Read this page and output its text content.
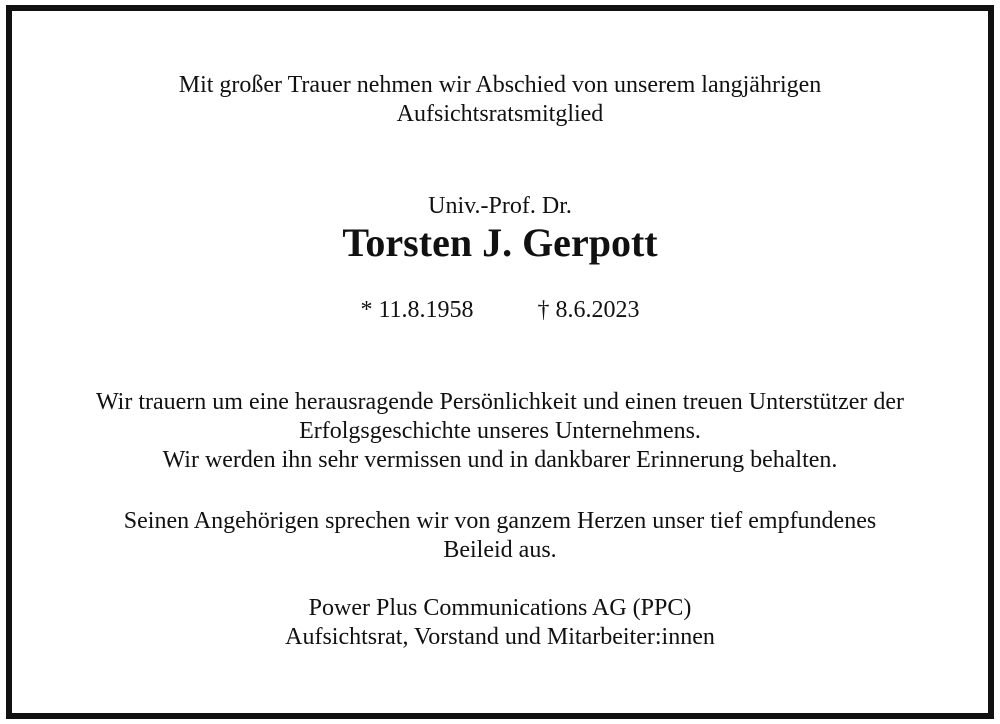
Mit großer Trauer nehmen wir Abschied von unserem langjährigen
Aufsichtsratsmitglied
Univ.-Prof. Dr.
Torsten J. Gerpott
* 11.8.1958	† 8.6.2023
Wir trauern um eine herausragende Persönlichkeit und einen treuen Unterstützer der
Erfolgsgeschichte unseres Unternehmens.
Wir werden ihn sehr vermissen und in dankbarer Erinnerung behalten.
Seinen Angehörigen sprechen wir von ganzem Herzen unser tief empfundenes
Beileid aus.
Power Plus Communications AG (PPC)
Aufsichtsrat, Vorstand und Mitarbeiter:innen
